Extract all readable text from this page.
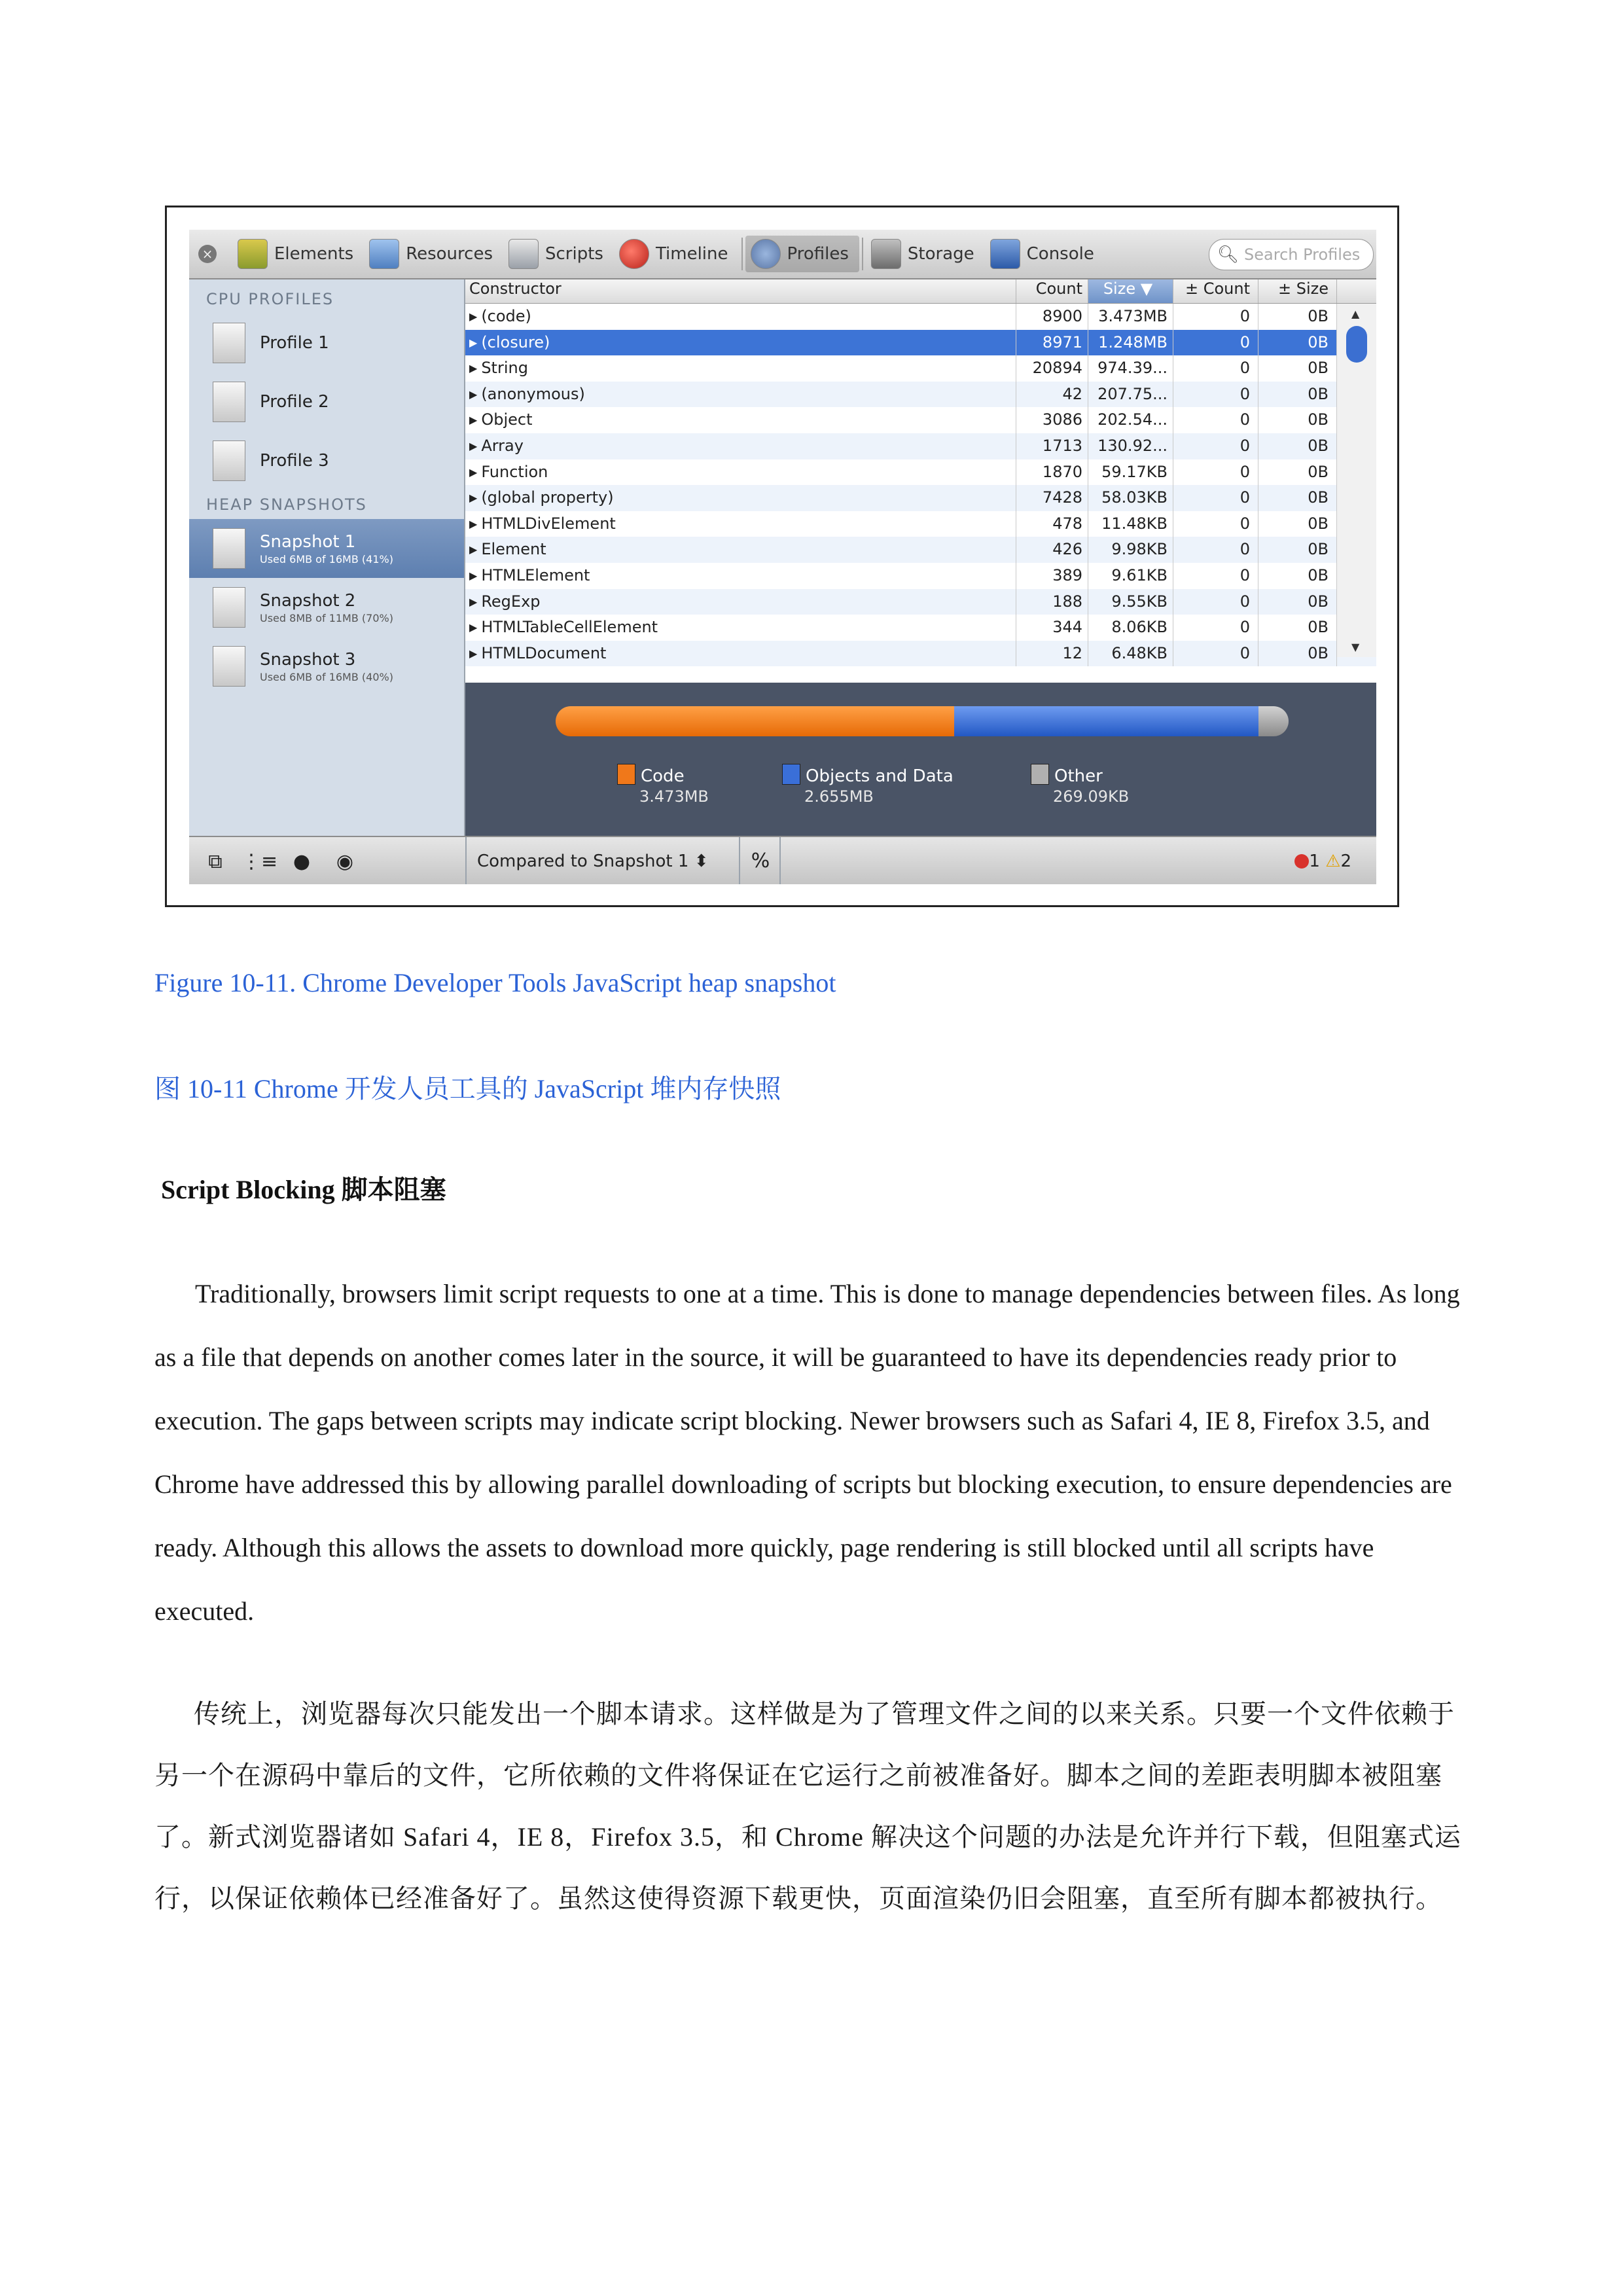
×	Elements	Resources	Scripts	Timeline	Profiles	Storage	Console	🔍︎ Search Profiles
CPU PROFILES
Profile 1
Profile 2
Profile 3
HEAP SNAPSHOTS
Snapshot 1
Used 6MB of 16MB (41%)
Snapshot 2
Used 8MB of 11MB (70%)
Snapshot 3
Used 6MB of 16MB (40%)
Constructor	Count	Size ▼	± Count	± Size
▶ (code)	8900	3.473MB	0	0B
▶ (closure)	8971	1.248MB	0	0B
▶ String	20894 974.39...	0	0B
▶ (anonymous)	42 207.75...	0	0B
▶ Object	3086 202.54...	0	0B
▶ Array	1713 130.92...	0	0B
▶ Function	1870	59.17KB	0	0B
▶ (global property)	7428	58.03KB	0	0B
▶ HTMLDivElement	478	11.48KB	0	0B
▶ Element	426	9.98KB	0	0B
▶ HTMLElement	389	9.61KB	0	0B
▶ RegExp	188	9.55KB	0	0B
▶ HTMLTableCellElement	344	8.06KB	0	0B
▶ HTMLDocument	12	6.48KB	0	0B
▲
▼
Code
3.473MB
Objects and Data
2.655MB
Other
269.09KB
⧉ ⋮≡ ●	◉	Compared to Snapshot 1 ⬍	%	1 ⚠2
Figure 10-11. Chrome Developer Tools JavaScript heap snapshot
图 10-11 Chrome 开发人员工具的 JavaScript 堆内存快照
Script Blocking 脚本阻塞
Traditionally, browsers limit script requests to one at a time. This is done to manage dependencies between files. As long as a file that depends on another comes later in the source, it will be guaranteed to have its dependencies ready prior to execution. The gaps between scripts may indicate script blocking. Newer browsers such as Safari 4, IE 8, Firefox 3.5, and Chrome have addressed this by allowing parallel downloading of scripts but blocking execution, to ensure dependencies are ready. Although this allows the assets to download more quickly, page rendering is still blocked until all scripts have executed.
传统上，浏览器每次只能发出一个脚本请求。这样做是为了管理文件之间的以来关系。只要一个文件依赖于另一个在源码中靠后的文件，它所依赖的文件将保证在它运行之前被准备好。脚本之间的差距表明脚本被阻塞了。新式浏览器诸如 Safari 4，IE 8，Firefox 3.5，和 Chrome 解决这个问题的办法是允许并行下载，但阻塞式运行，以保证依赖体已经准备好了。虽然这使得资源下载更快，页面渲染仍旧会阻塞，直至所有脚本都被执行。
